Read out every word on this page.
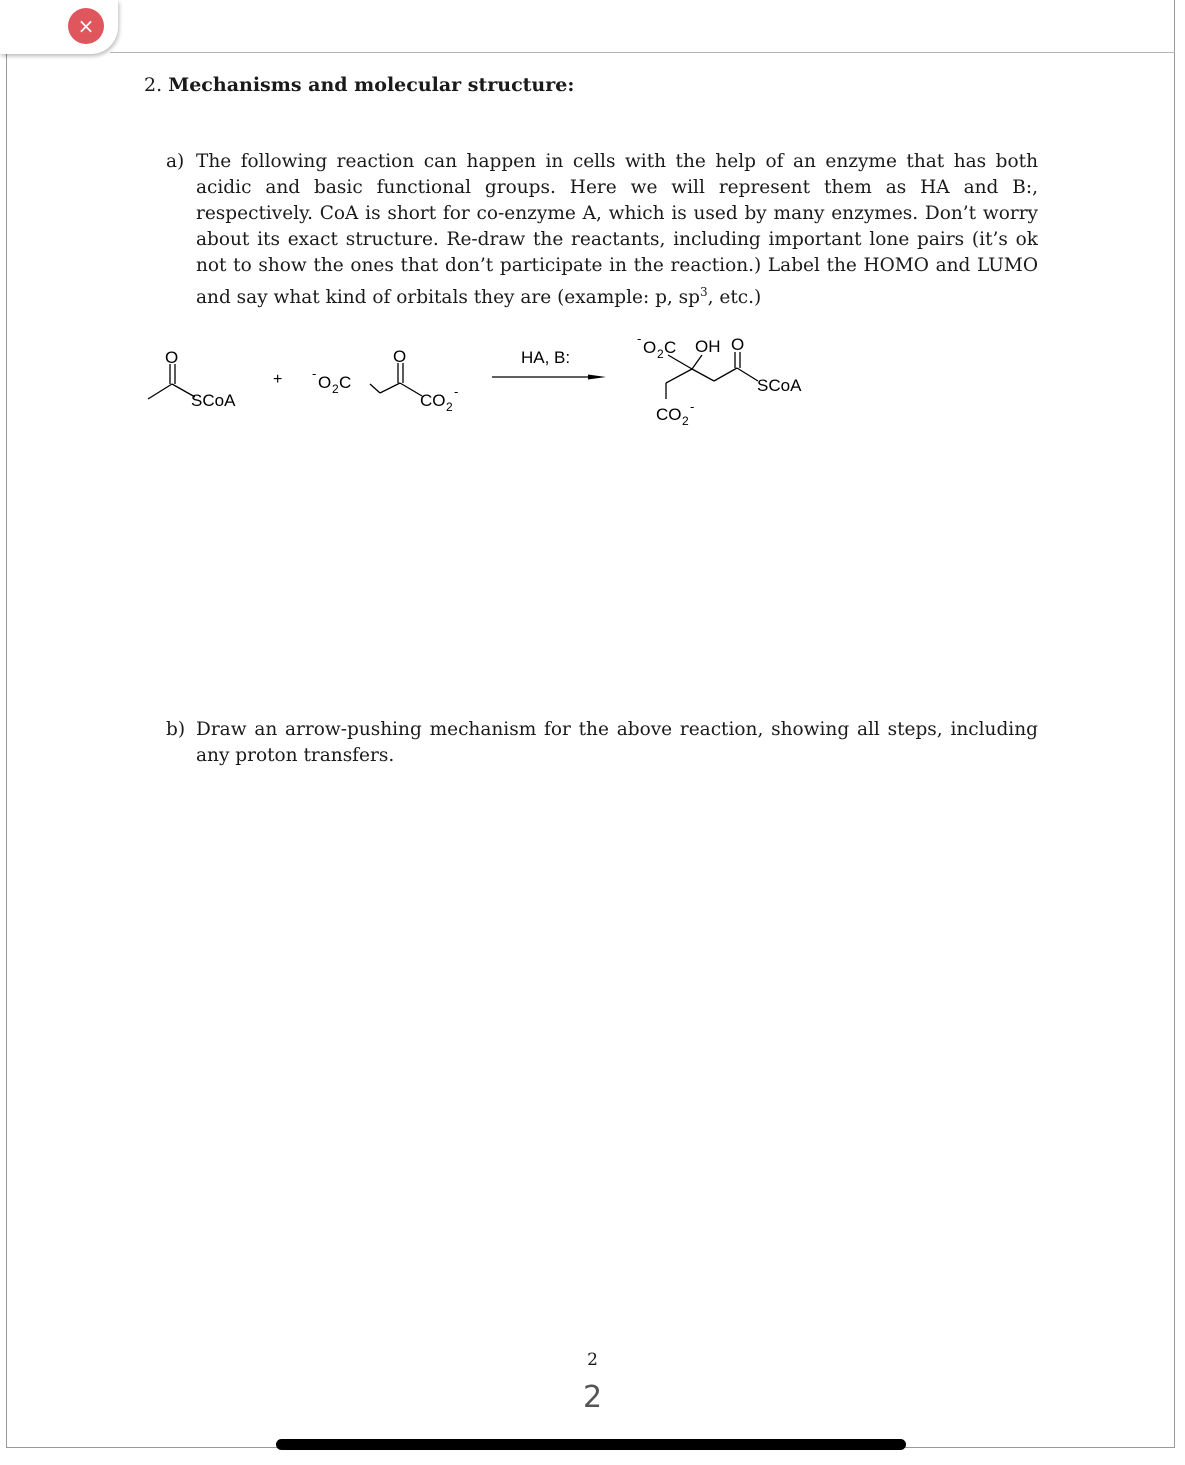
×
2. Mechanisms and molecular structure:
a) The following reaction can happen in cells with the help of an enzyme that has both acidic and basic functional groups. Here we will represent them as HA and B:, respectively. CoA is short for co-enzyme A, which is used by many enzymes. Don’t worry about its exact structure. Re-draw the reactants, including important lone pairs (it’s ok not to show the ones that don’t participate in the reaction.) Label the HOMO and LUMO and say what kind of orbitals they are (example: p, $sp^3$, etc.)
O
SCoA
+ - O 2 C
O
CO 2
-
HA, B:
- O 2 C OH O
SCoA
CO 2
-
b) Draw an arrow-pushing mechanism for the above reaction, showing all steps, including any proton transfers.
2
2
